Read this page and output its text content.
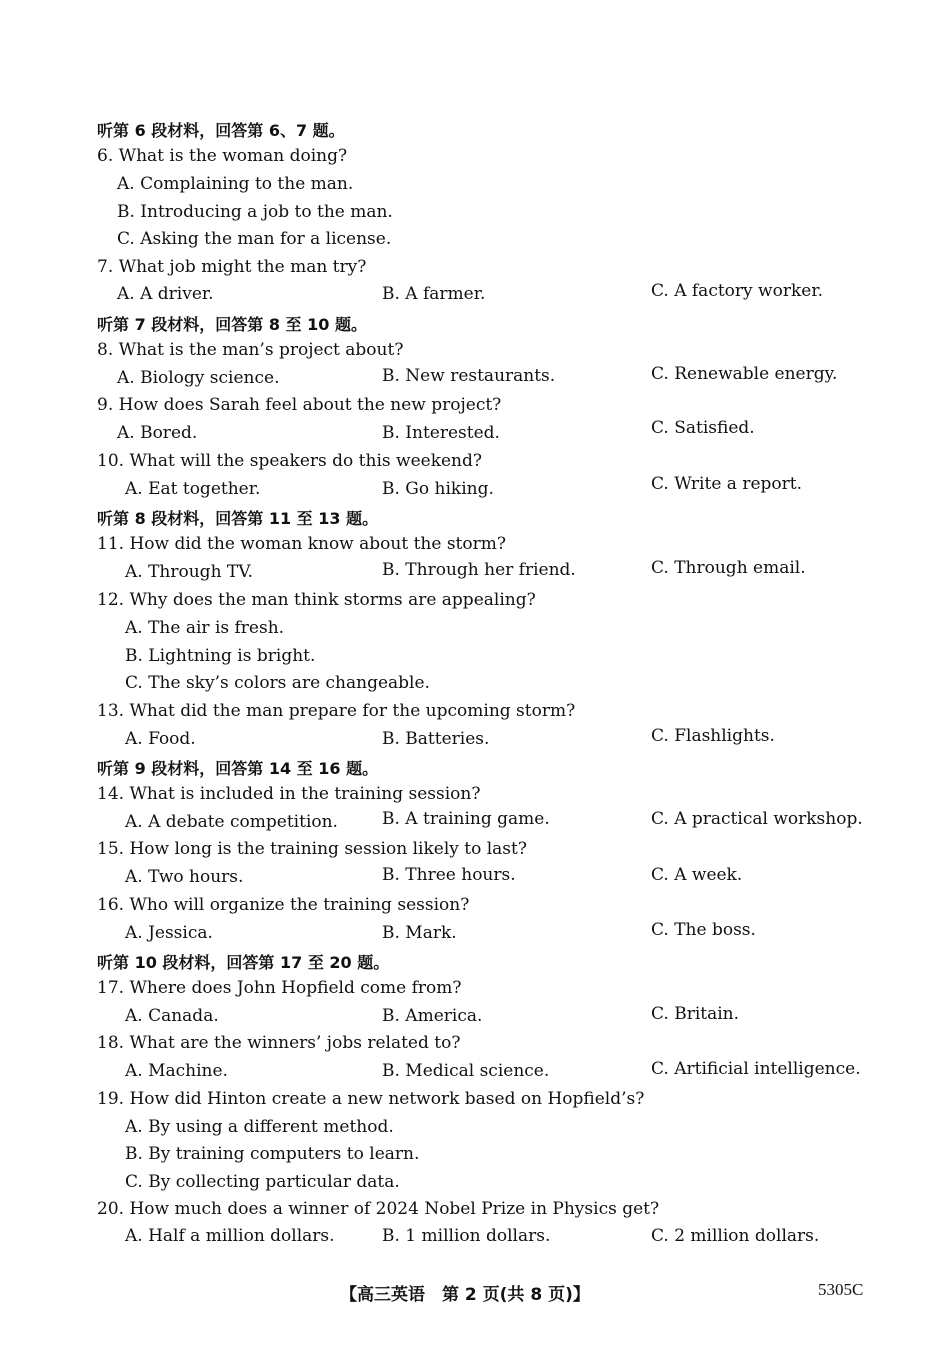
听第 6 段材料，回答第 6、7 题。
6. What is the woman doing?
A. Complaining to the man.
B. Introducing a job to the man.
C. Asking the man for a license.
7. What job might the man try?
A. A driver.	B. A farmer.	C. A factory worker.
听第 7 段材料，回答第 8 至 10 题。
8. What is the man’s project about?
A. Biology science.	B. New restaurants.	C. Renewable energy.
9. How does Sarah feel about the new project?
A. Bored.	B. Interested.	C. Satisfied.
10. What will the speakers do this weekend?
A. Eat together.	B. Go hiking.	C. Write a report.
听第 8 段材料，回答第 11 至 13 题。
11. How did the woman know about the storm?
A. Through TV.	B. Through her friend.	C. Through email.
12. Why does the man think storms are appealing?
A. The air is fresh.
B. Lightning is bright.
C. The sky’s colors are changeable.
13. What did the man prepare for the upcoming storm?
A. Food.	B. Batteries.	C. Flashlights.
听第 9 段材料，回答第 14 至 16 题。
14. What is included in the training session?
A. A debate competition.	B. A training game.	C. A practical workshop.
15. How long is the training session likely to last?
A. Two hours.	B. Three hours.	C. A week.
16. Who will organize the training session?
A. Jessica.	B. Mark.	C. The boss.
听第 10 段材料，回答第 17 至 20 题。
17. Where does John Hopfield come from?
A. Canada.	B. America.	C. Britain.
18. What are the winners’ jobs related to?
A. Machine.	B. Medical science.	C. Artificial intelligence.
19. How did Hinton create a new network based on Hopfield’s?
A. By using a different method.
B. By training computers to learn.
C. By collecting particular data.
20. How much does a winner of 2024 Nobel Prize in Physics get?
A. Half a million dollars.	B. 1 million dollars.	C. 2 million dollars.
【高三英语　第 2 页(共 8 页)】	5305C
